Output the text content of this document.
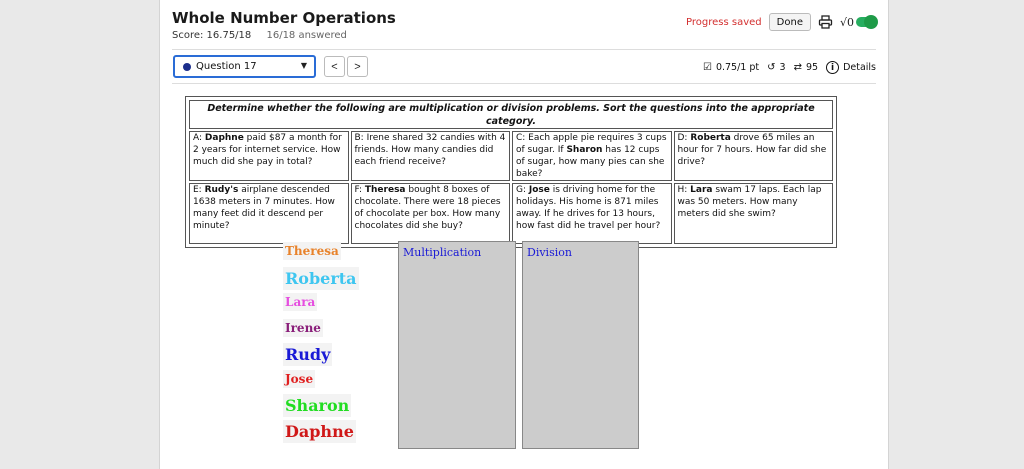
Whole Number Operations
Score: 16.75/18 16/18 answered
Progress saved	Done	√0
Question 17	▼	<	>	☑ 0.75/1 pt ↺ 3 ⇄ 95	i Details
Determine whether the following are multiplication or division problems. Sort the questions into the appropriate category.			
A: Daphne paid $87 a month for 2 years for internet service. How much did she pay in total?	B: Irene shared 32 candies with 4 friends. How many candies did each friend receive?	C: Each apple pie requires 3 cups of sugar. If Sharon has 12 cups of sugar, how many pies can she bake?	D: Roberta drove 65 miles an hour for 7 hours. How far did she drive?
E: Rudy's airplane descended 1638 meters in 7 minutes. How many feet did it descend per minute?	F: Theresa bought 8 boxes of chocolate. There were 18 pieces of chocolate per box. How many chocolates did she buy?	G: Jose is driving home for the holidays. His home is 871 miles away. If he drives for 13 hours, how fast did he travel per hour?	H: Lara swam 17 laps. Each lap was 50 meters. How many meters did she swim?
Theresa
Roberta
Lara
Irene
Rudy
Jose
Sharon
Daphne
Multiplication	Division
